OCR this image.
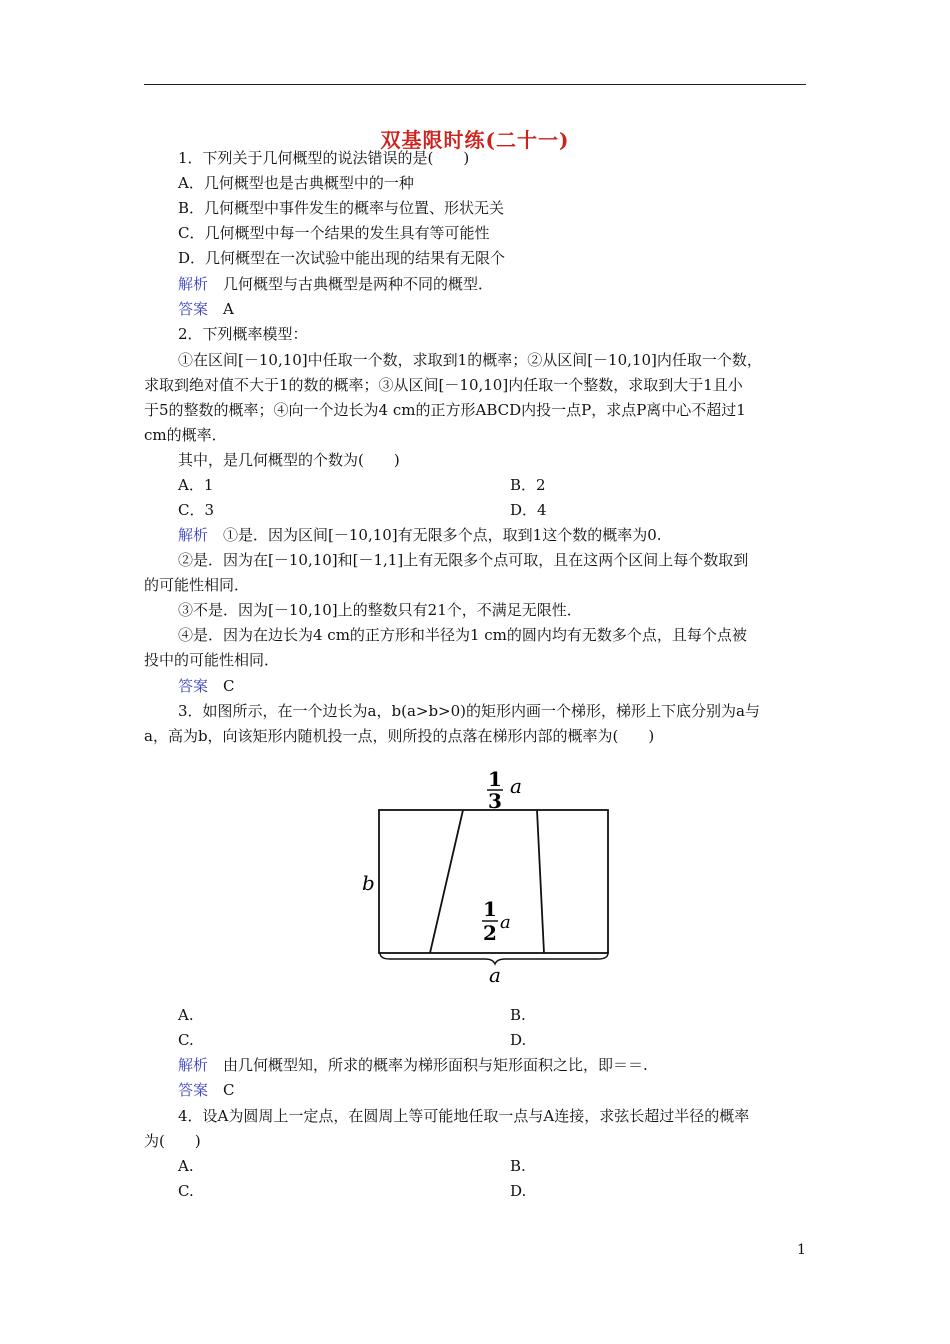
双基限时练(二十一)
1．下列关于几何概型的说法错误的是(　　)
A．几何概型也是古典概型中的一种
B．几何概型中事件发生的概率与位置、形状无关
C．几何概型中每一个结果的发生具有等可能性
D．几何概型在一次试验中能出现的结果有无限个
解析　几何概型与古典概型是两种不同的概型．
答案　A
2．下列概率模型：
①在区间[－10,10]中任取一个数，求取到1的概率；②从区间[－10,10]内任取一个数，
求取到绝对值不大于1的数的概率；③从区间[－10,10]内任取一个整数，求取到大于1且小
于5的整数的概率；④向一个边长为4 cm的正方形ABCD内投一点P，求点P离中心不超过1
cm的概率．
其中，是几何概型的个数为(　　)
A．1	B．2
C．3	D．4
解析　①是．因为区间[－10,10]有无限多个点，取到1这个数的概率为0.
②是．因为在[－10,10]和[－1,1]上有无限多个点可取，且在这两个区间上每个数取到
的可能性相同．
③不是．因为[－10,10]上的整数只有21个，不满足无限性．
④是．因为在边长为4 cm的正方形和半径为1 cm的圆内均有无数多个点，且每个点被
投中的可能性相同．
答案　C
3．如图所示，在一个边长为a，b(a>b>0)的矩形内画一个梯形，梯形上下底分别为a与
a，高为b，向该矩形内随机投一点，则所投的点落在梯形内部的概率为(　　)
1
3
a
b
1
2 a
a
A.	B.
C.	D.
解析　由几何概型知，所求的概率为梯形面积与矩形面积之比，即＝＝.
答案　C
4．设A为圆周上一定点，在圆周上等可能地任取一点与A连接，求弦长超过半径的概率
为(　　)
A.	B.
C.	D.
1
